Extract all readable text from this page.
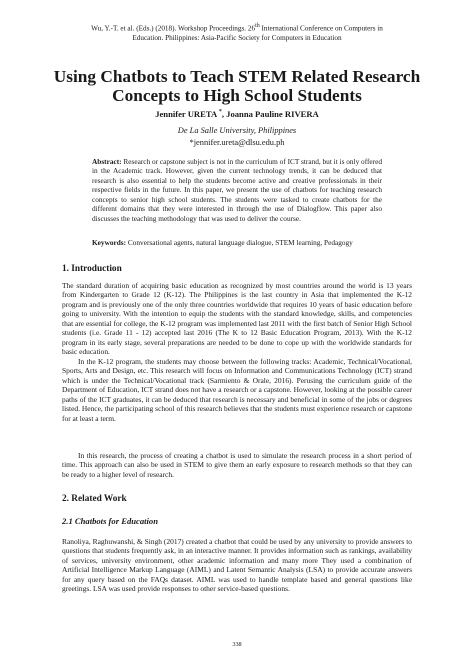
Wu, Y.-T. et al. (Eds.) (2018). Workshop Proceedings. 26th International Conference on Computers in
Education. Philippines: Asia-Pacific Society for Computers in Education
Using Chatbots to Teach STEM Related Research Concepts to High School Students
Jennifer URETA *, Joanna Pauline RIVERA
De La Salle University, Philippines
*jennifer.ureta@dlsu.edu.ph
Abstract: Research or capstone subject is not in the curriculum of ICT strand, but it is only offered in the Academic track. However, given the current technology trends, it can be deduced that research is also essential to help the students become active and creative professionals in their respective fields in the future. In this paper, we present the use of chatbots for teaching research concepts to senior high school students. The students were tasked to create chatbots for the different domains that they were interested in through the use of Dialogflow. This paper also discusses the teaching methodology that was used to deliver the course.
Keywords: Conversational agents, natural language dialogue, STEM learning, Pedagogy
1. Introduction

The standard duration of acquiring basic education as recognized by most countries around the world is 13 years from Kindergarten to Grade 12 (K-12). The Philippines is the last country in Asia that implemented the K-12 program and is previously one of the only three countries worldwide that requires 10 years of basic education before going to university. With the intention to equip the students with the standard knowledge, skills, and competencies that are essential for college, the K-12 program was implemented last 2011 with the first batch of Senior High School students (i.e. Grade 11 - 12) accepted last 2016 (The K to 12 Basic Education Program, 2013). With the K-12 program in its early stage, several preparations are needed to be done to cope up with the worldwide standards for basic education.

In the K-12 program, the students may choose between the following tracks: Academic, Technical/Vocational, Sports, Arts and Design, etc. This research will focus on Information and Communications Technology (ICT) strand which is under the Technical/Vocational track (Sarmiento & Orale, 2016). Perusing the curriculum guide of the Department of Education, ICT strand does not have a research or a capstone. However, looking at the possible career paths of the ICT graduates, it can be deduced that research is necessary and beneficial in some of the jobs or degrees listed. Hence, the participating school of this research believes that the students must experience research or capstone for at least a term.

In this research, the process of creating a chatbot is used to simulate the research process in a short period of time. This approach can also be used in STEM to give them an early exposure to research methods so that they can be ready to a higher level of research.

2. Related Work
2.1 Chatbots for Education

Ranoliya, Raghuwanshi, & Singh (2017) created a chatbot that could be used by any university to provide answers to questions that students frequently ask, in an interactive manner. It provides information such as rankings, availability of services, university environment, other academic information and many more They used a combination of Artificial Intelligence Markup Language (AIML) and Latent Semantic Analysis (LSA) to provide accurate answers for any query based on the FAQs dataset. AIML was used to handle template based and general questions like greetings. LSA was used provide responses to other service-based questions.

338
